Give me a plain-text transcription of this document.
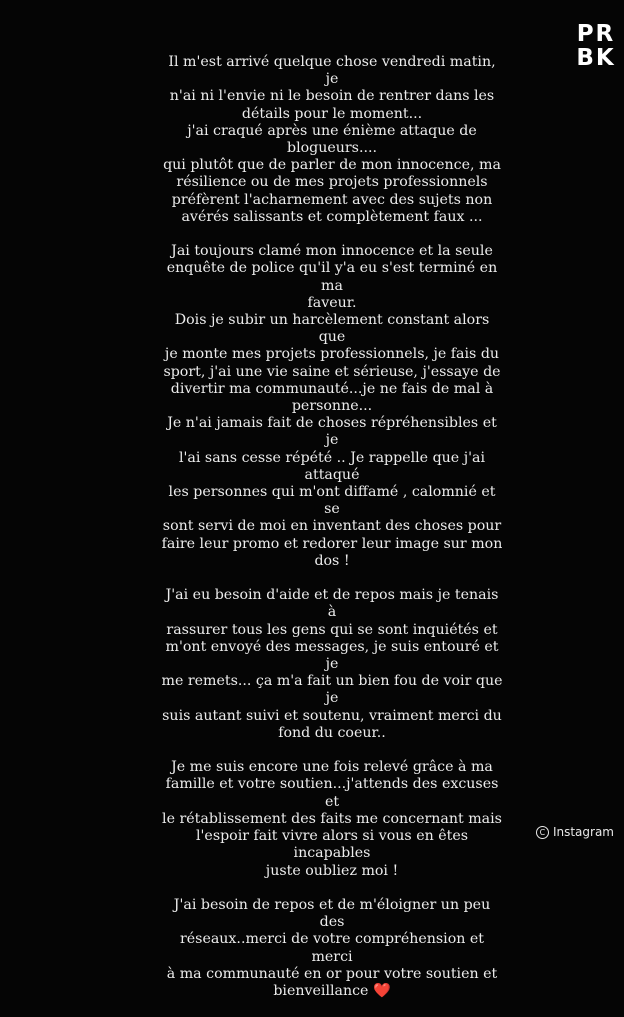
PR
BK

Il m'est arrivé quelque chose vendredi matin, je
n'ai ni l'envie ni le besoin de rentrer dans les
détails pour le moment...
j'ai craqué après une énième attaque de
blogueurs....
qui plutôt que de parler de mon innocence, ma
résilience ou de mes projets professionnels
préfèrent l'acharnement avec des sujets non
avérés salissants et complètement faux ...

Jai toujours clamé mon innocence et la seule
enquête de police qu'il y'a eu s'est terminé en ma
faveur.
Dois je subir un harcèlement constant alors que
je monte mes projets professionnels, je fais du
sport, j'ai une vie saine et sérieuse, j'essaye de
divertir ma communauté...je ne fais de mal à
personne...
Je n'ai jamais fait de choses répréhensibles et je
l'ai sans cesse répété .. Je rappelle que j'ai attaqué
les personnes qui m'ont diffamé , calomnié et se
sont servi de moi en inventant des choses pour
faire leur promo et redorer leur image sur mon
dos !

J'ai eu besoin d'aide et de repos mais je tenais à
rassurer tous les gens qui se sont inquiétés et
m'ont envoyé des messages, je suis entouré et je
me remets... ça m'a fait un bien fou de voir que je
suis autant suivi et soutenu, vraiment merci du
fond du coeur..

Je me suis encore une fois relevé grâce à ma
famille et votre soutien...j'attends des excuses et
le rétablissement des faits me concernant mais
l'espoir fait vivre alors si vous en êtes incapables
juste oubliez moi !

J'ai besoin de repos et de m'éloigner un peu des
réseaux..merci de votre compréhension et merci
à ma communauté en or pour votre soutien et
bienveillance ❤️

C Instagram
